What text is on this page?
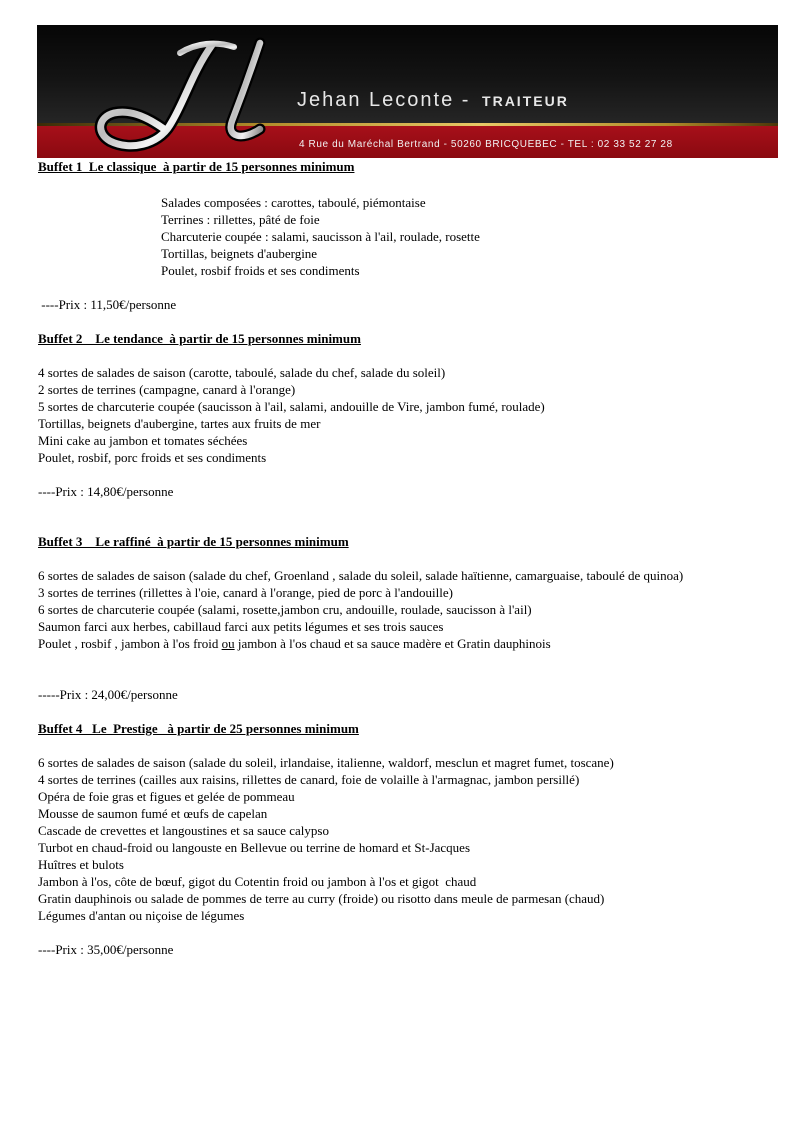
Jehan Leconte - TRAITEUR
4 Rue du Maréchal Bertrand - 50260 BRICQUEBEC - TEL : 02 33 52 27 28

Buffet 1  Le classique  à partir de 15 personnes minimum

Salades composées : carottes, taboulé, piémontaise

Terrines : rillettes, pâté de foie

Charcuterie coupée : salami, saucisson à l'ail, roulade, rosette

Tortillas, beignets d'aubergine

Poulet, rosbif froids et ses condiments

----Prix : 11,50€/personne

Buffet 2    Le tendance  à partir de 15 personnes minimum

4 sortes de salades de saison (carotte, taboulé, salade du chef, salade du soleil)

2 sortes de terrines (campagne, canard à l'orange)

5 sortes de charcuterie coupée (saucisson à l'ail, salami, andouille de Vire, jambon fumé, roulade)

Tortillas, beignets d'aubergine, tartes aux fruits de mer

Mini cake au jambon et tomates séchées

Poulet, rosbif, porc froids et ses condiments

----Prix : 14,80€/personne

Buffet 3    Le raffiné  à partir de 15 personnes minimum

6 sortes de salades de saison (salade du chef, Groenland , salade du soleil, salade haïtienne, camarguaise, taboulé de quinoa)

3 sortes de terrines (rillettes à l'oie, canard à l'orange, pied de porc à l'andouille)

6 sortes de charcuterie coupée (salami, rosette,jambon cru, andouille, roulade, saucisson à l'ail)

Saumon farci aux herbes, cabillaud farci aux petits légumes et ses trois sauces

Poulet , rosbif , jambon à l'os froid ou jambon à l'os chaud et sa sauce madère et Gratin dauphinois

-----Prix : 24,00€/personne

Buffet 4   Le  Prestige   à partir de 25 personnes minimum

6 sortes de salades de saison (salade du soleil, irlandaise, italienne, waldorf, mesclun et magret fumet, toscane)

4 sortes de terrines (cailles aux raisins, rillettes de canard, foie de volaille à l'armagnac, jambon persillé)

Opéra de foie gras et figues et gelée de pommeau

Mousse de saumon fumé et œufs de capelan

Cascade de crevettes et langoustines et sa sauce calypso

Turbot en chaud-froid ou langouste en Bellevue ou terrine de homard et St-Jacques

Huîtres et bulots

Jambon à l'os, côte de bœuf, gigot du Cotentin froid ou jambon à l'os et gigot  chaud

Gratin dauphinois ou salade de pommes de terre au curry (froide) ou risotto dans meule de parmesan (chaud)

Légumes d'antan ou niçoise de légumes

----Prix : 35,00€/personne
